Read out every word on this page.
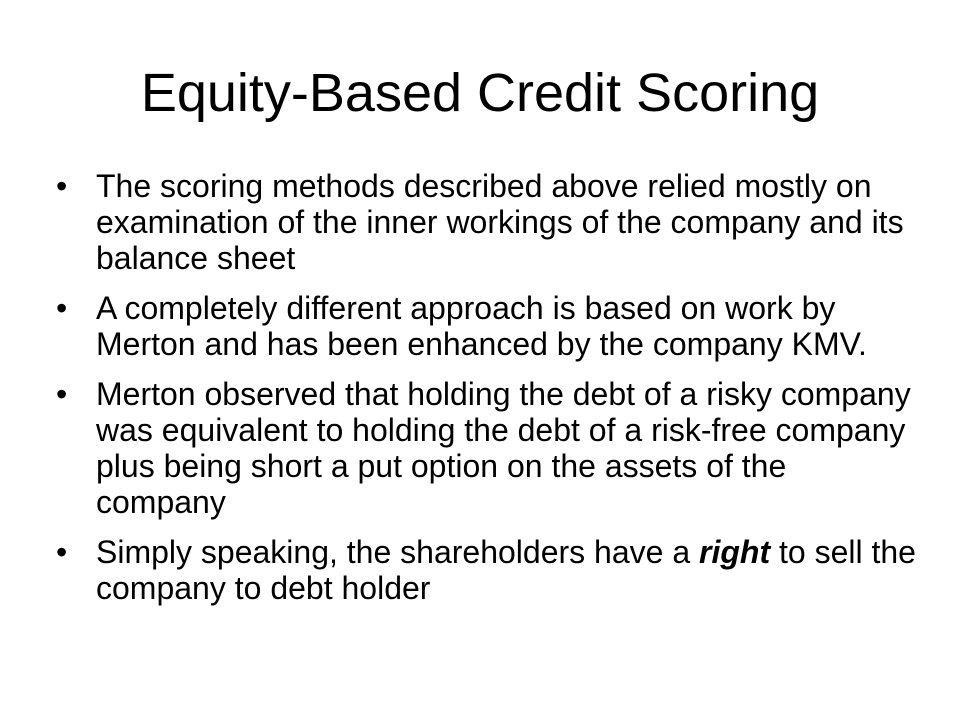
Equity-Based Credit Scoring
• The scoring methods described above relied mostly on examination of the inner workings of the company and its balance sheet
• A completely different approach is based on work by Merton and has been enhanced by the company KMV.
• Merton observed that holding the debt of a risky company was equivalent to holding the debt of a risk-free company plus being short a put option on the assets of the company
• Simply speaking, the shareholders have a right to sell the company to debt holder
